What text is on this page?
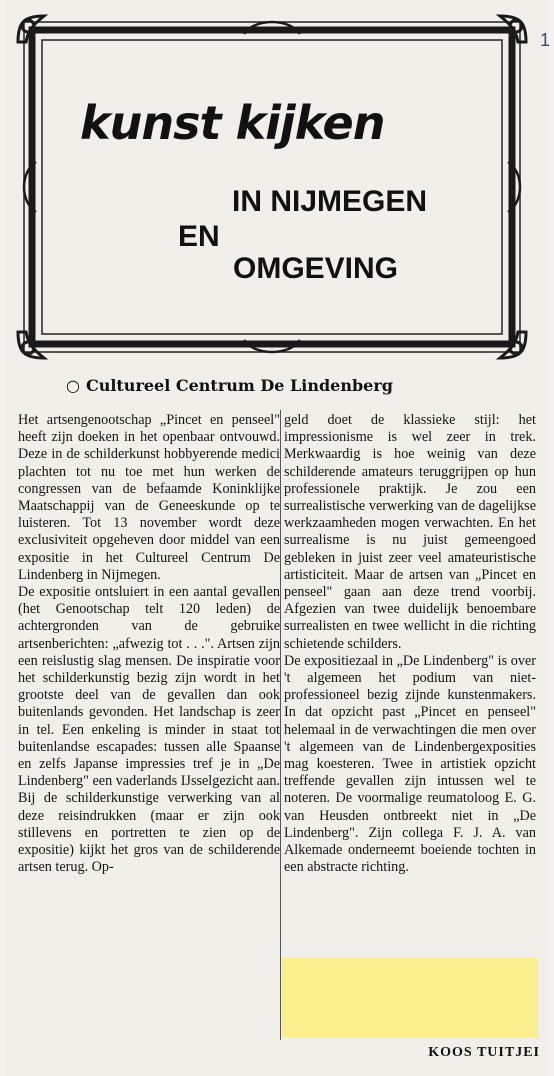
1
kunst kijken
IN NIJMEGEN
EN
OMGEVING
○ Cultureel Centrum De Lindenberg

Het artsengenootschap „Pincet en penseel" heeft zijn doeken in het openbaar ontvouwd. Deze in de schilderkunst hobbyerende medici plachten tot nu toe met hun werken de congressen van de befaamde Koninklijke Maatschappij van de Geneeskunde op te luisteren. Tot 13 november wordt deze exclusiviteit opgeheven door middel van een expositie in het Cultureel Centrum De Lindenberg in Nijmegen.

De expositie ontsluiert in een aantal gevallen (het Genootschap telt 120 leden) de achtergronden van de gebruike artsenberichten: „afwezig tot . . .". Artsen zijn een reislustig slag mensen. De inspiratie voor het schilderkunstig bezig zijn wordt in het grootste deel van de gevallen dan ook buitenlands gevonden. Het landschap is zeer in tel. Een enkeling is minder in staat tot buitenlandse escapades: tussen alle Spaanse en zelfs Japanse impressies tref je in „De Lindenberg" een vaderlands IJsselgezicht aan.

Bij de schilderkunstige verwerking van al deze reisindrukken (maar er zijn ook stillevens en portretten te zien op de expositie) kijkt het gros van de schilderende artsen terug. Op-

geld doet de klassieke stijl: het impressionisme is wel zeer in trek. Merkwaardig is hoe weinig van deze schilderende amateurs teruggrijpen op hun professionele praktijk. Je zou een surrealistische verwerking van de dagelijkse werkzaamheden mogen verwachten. En het surrealisme is nu juist gemeengoed gebleken in juist zeer veel amateuristische artisticiteit. Maar de artsen van „Pincet en penseel" gaan aan deze trend voorbij. Afgezien van twee duidelijk benoembare surrealisten en twee wellicht in die richting schietende schilders.

De expositiezaal in „De Lindenberg" is over 't algemeen het podium van niet-professioneel bezig zijnde kunstenmakers. In dat opzicht past „Pincet en penseel" helemaal in de verwachtingen die men over 't algemeen van de Lindenbergexposities mag koesteren. Twee in artistiek opzicht treffende gevallen zijn intussen wel te noteren. De voormalige reumatoloog E. G. van Heusden ontbreekt niet in „De Lindenberg". Zijn collega F. J. A. van Alkemade onderneemt boeiende tochten in een abstracte richting.

KOOS TUITJEI
